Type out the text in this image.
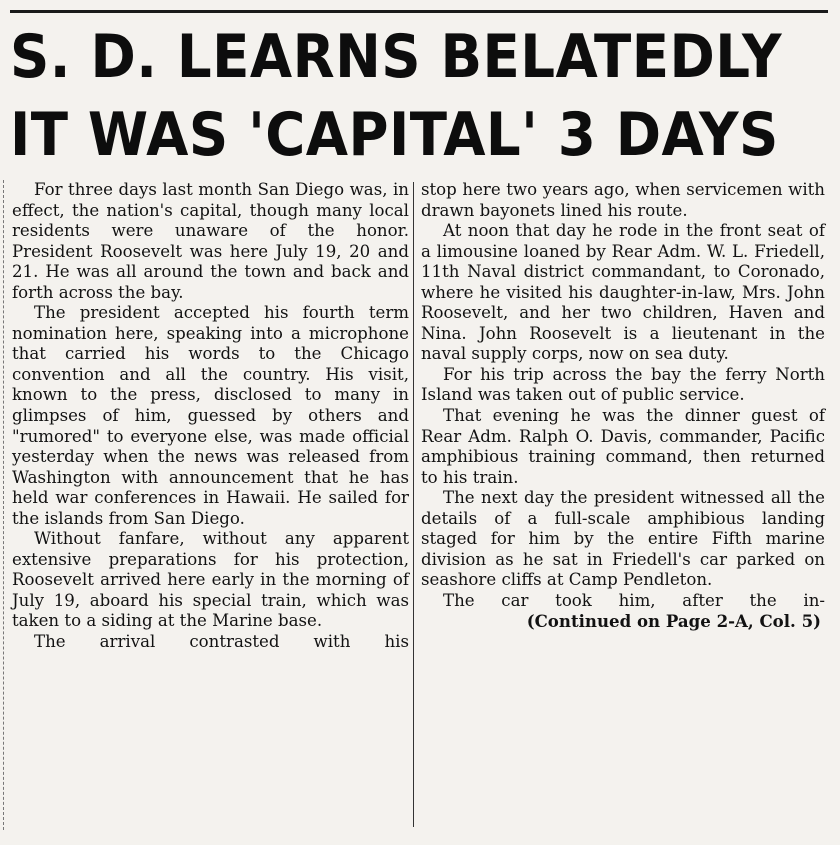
S. D. LEARNS BELATEDLY
IT WAS 'CAPITAL' 3 DAYS

For three days last month San Diego was, in effect, the nation's capital, though many local residents were unaware of the honor. President Roosevelt was here July 19, 20 and 21. He was all around the town and back and forth across the bay.

The president accepted his fourth term nomination here, speaking into a microphone that carried his words to the Chicago convention and all the country. His visit, known to the press, disclosed to many in glimpses of him, guessed by others and "rumored" to everyone else, was made official yesterday when the news was released from Washington with announcement that he has held war conferences in Hawaii. He sailed for the islands from San Diego.

Without fanfare, without any apparent extensive preparations for his protection, Roosevelt arrived here early in the morning of July 19, aboard his special train, which was taken to a siding at the Marine base.

The arrival contrasted with his

stop here two years ago, when servicemen with drawn bayonets lined his route.

At noon that day he rode in the front seat of a limousine loaned by Rear Adm. W. L. Friedell, 11th Naval district commandant, to Coronado, where he visited his daughter-in-law, Mrs. John Roosevelt, and her two children, Haven and Nina. John Roosevelt is a lieutenant in the naval supply corps, now on sea duty.

For his trip across the bay the ferry North Island was taken out of public service.

That evening he was the dinner guest of Rear Adm. Ralph O. Davis, commander, Pacific amphibious training command, then returned to his train.

The next day the president witnessed all the details of a full-scale amphibious landing staged for him by the entire Fifth marine division as he sat in Friedell's car parked on seashore cliffs at Camp Pendleton.

The car took him, after the in-

(Continued on Page 2-A, Col. 5)
